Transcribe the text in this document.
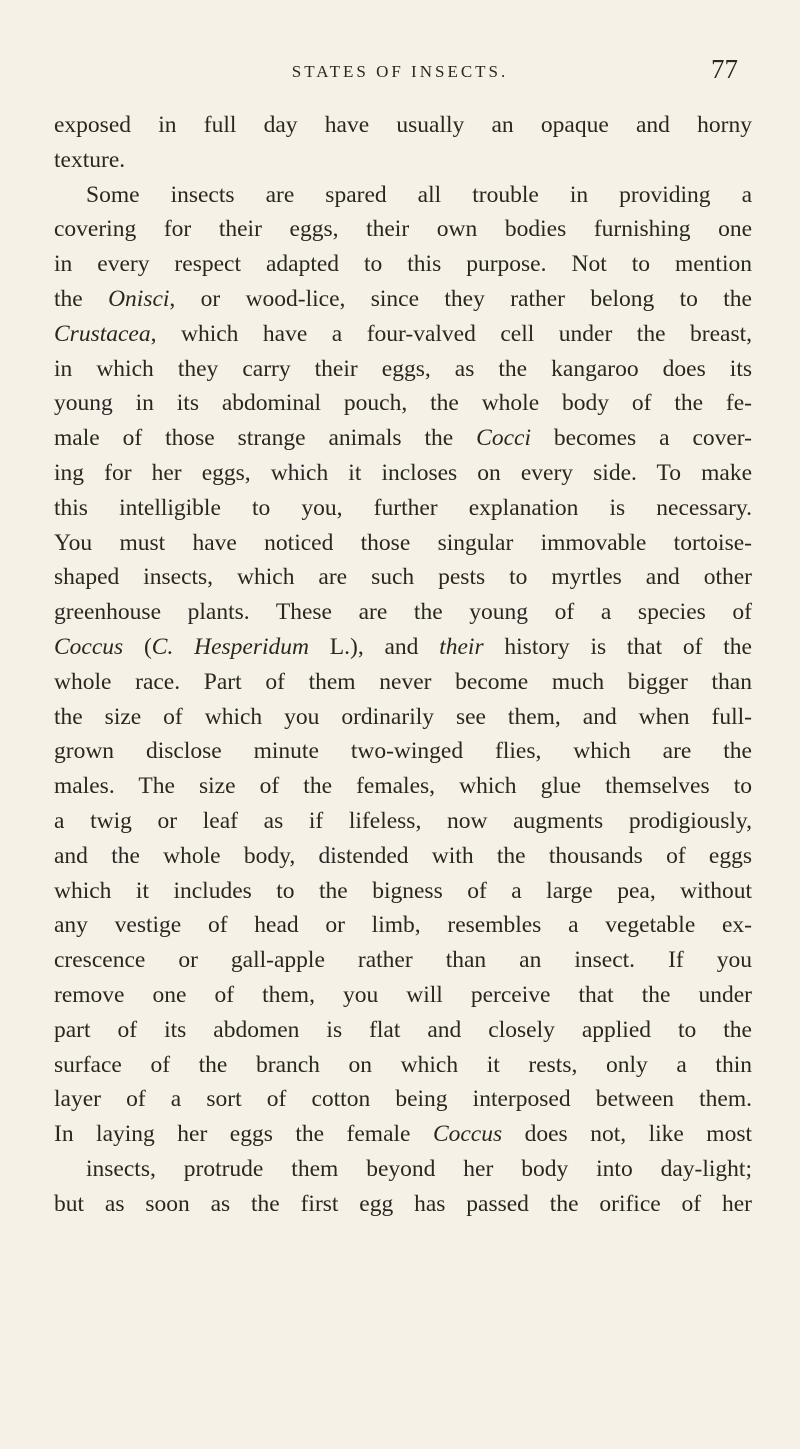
STATES OF INSECTS.	77
exposed in full day have usually an opaque and horny
texture.
Some insects are spared all trouble in providing a
covering for their eggs, their own bodies furnishing one
in every respect adapted to this purpose. Not to mention
the Onisci, or wood-lice, since they rather belong to the
Crustacea, which have a four-valved cell under the breast,
in which they carry their eggs, as the kangaroo does its
young in its abdominal pouch, the whole body of the fe-
male of those strange animals the Cocci becomes a cover-
ing for her eggs, which it incloses on every side. To make
this intelligible to you, further explanation is necessary.
You must have noticed those singular immovable tortoise-
shaped insects, which are such pests to myrtles and other
greenhouse plants. These are the young of a species of
Coccus (C. Hesperidum L.), and their history is that of the
whole race. Part of them never become much bigger than
the size of which you ordinarily see them, and when full-
grown disclose minute two-winged flies, which are the
males. The size of the females, which glue themselves to
a twig or leaf as if lifeless, now augments prodigiously,
and the whole body, distended with the thousands of eggs
which it includes to the bigness of a large pea, without
any vestige of head or limb, resembles a vegetable ex-
crescence or gall-apple rather than an insect. If you
remove one of them, you will perceive that the under
part of its abdomen is flat and closely applied to the
surface of the branch on which it rests, only a thin
layer of a sort of cotton being interposed between them.
In laying her eggs the female Coccus does not, like most
insects, protrude them beyond her body into day-light;
but as soon as the first egg has passed the orifice of her
